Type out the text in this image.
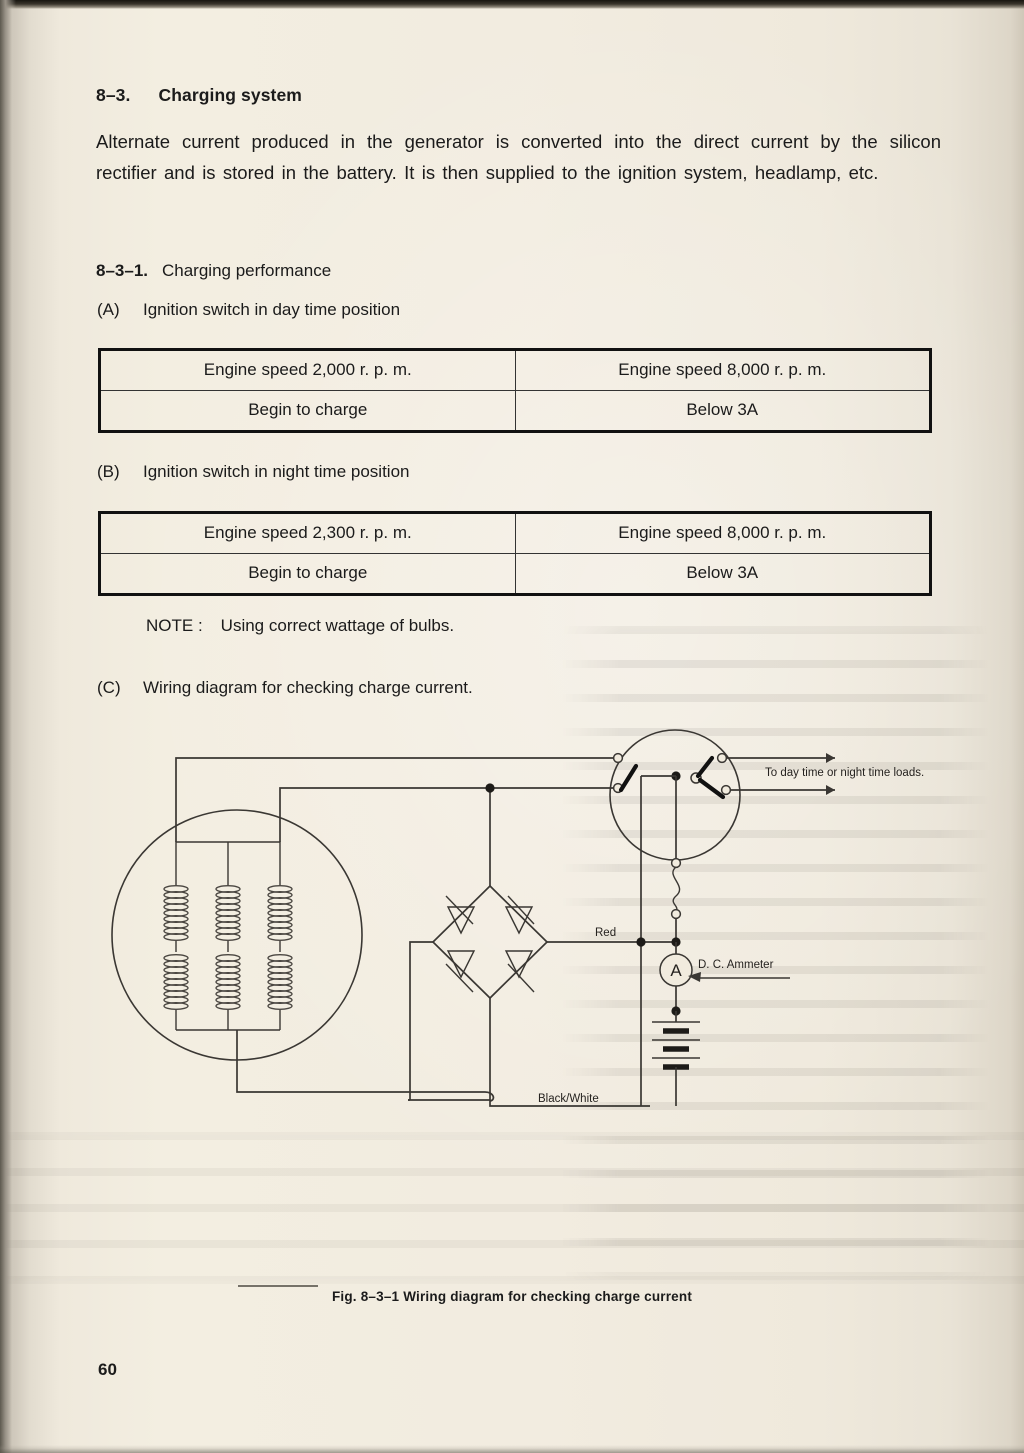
8–3. Charging system

Alternate current produced in the generator is converted into the direct current by the silicon rectifier and is stored in the battery. It is then supplied to the ignition system, headlamp, etc.

8–3–1. Charging performance
(A) Ignition switch in day time position
Engine speed 2,000 r. p. m.	Engine speed 8,000 r. p. m.
Begin to charge	Below 3A
(B) Ignition switch in night time position
Engine speed 2,300 r. p. m.	Engine speed 8,000 r. p. m.
Begin to charge	Below 3A
NOTE : Using correct wattage of bulbs.
(C) Wiring diagram for checking charge current.
Red
To day time or night time loads.
A D. C. Ammeter
Black/White
Fig. 8–3–1 Wiring diagram for checking charge current
60
